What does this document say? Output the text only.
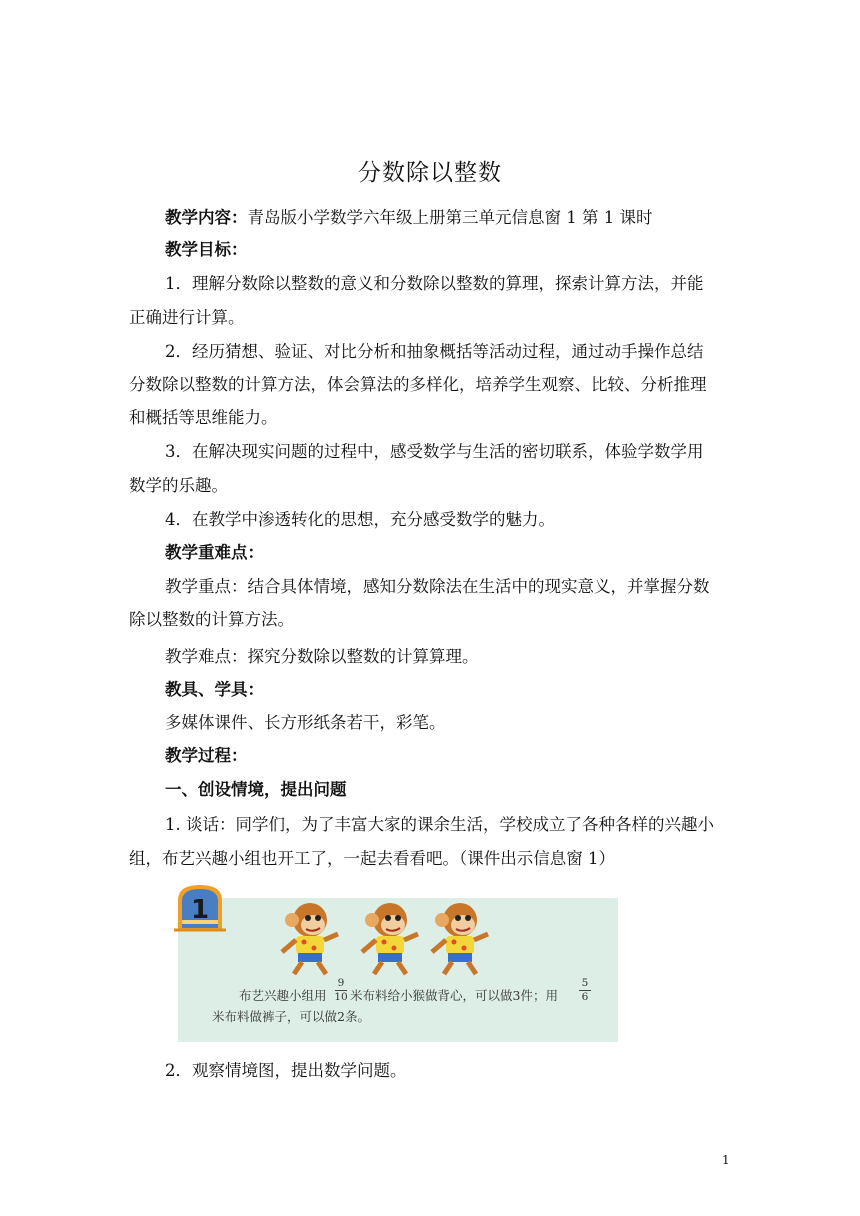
分数除以整数
教学内容：青岛版小学数学六年级上册第三单元信息窗 1 第 1 课时
教学目标：
1．理解分数除以整数的意义和分数除以整数的算理，探索计算方法，并能
正确进行计算。
2．经历猜想、验证、对比分析和抽象概括等活动过程，通过动手操作总结
分数除以整数的计算方法，体会算法的多样化，培养学生观察、比较、分析推理
和概括等思维能力。
3．在解决现实问题的过程中，感受数学与生活的密切联系，体验学数学用
数学的乐趣。
4．在教学中渗透转化的思想，充分感受数学的魅力。
教学重难点：
教学重点：结合具体情境，感知分数除法在生活中的现实意义，并掌握分数
除以整数的计算方法。
教学难点：探究分数除以整数的计算算理。
教具、学具：
多媒体课件、长方形纸条若干，彩笔。
教学过程：
一、创设情境，提出问题
1. 谈话：同学们，为了丰富大家的课余生活，学校成立了各种各样的兴趣小
组，布艺兴趣小组也开工了，一起去看看吧。（课件出示信息窗 1）
1
布艺兴趣小组用
9
10 米布料给小猴做背心，可以做3件；用
5
6
米布料做裤子，可以做2条。
2．观察情境图，提出数学问题。
1
